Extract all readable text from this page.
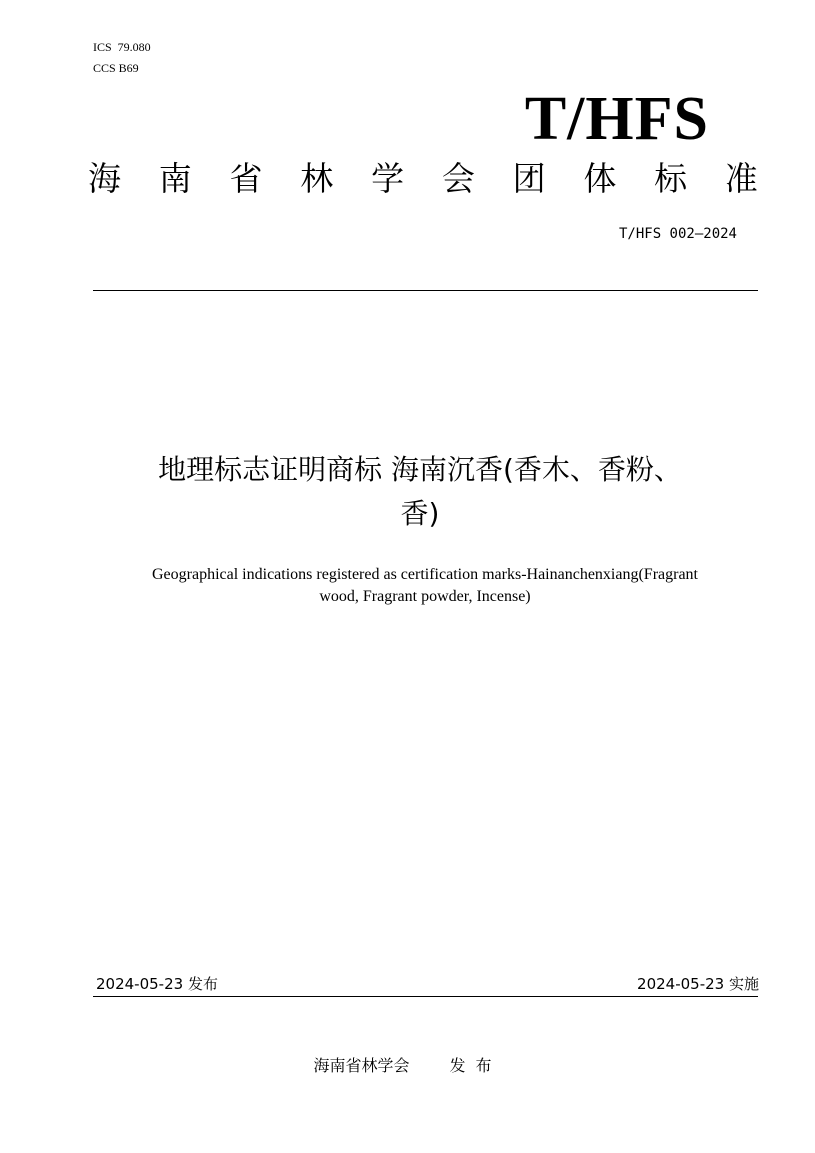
ICS  79.080
CCS B69
T/HFS
海 南 省 林 学 会 团 体 标 准
T/HFS 002—2024
地理标志证明商标 海南沉香(香木、香粉、
香)
Geographical indications registered as certification marks-Hainanchenxiang(Fragrant
wood, Fragrant powder, Incense)
2024-05-23 发布	2024-05-23 实施
海南省林学会	发布
